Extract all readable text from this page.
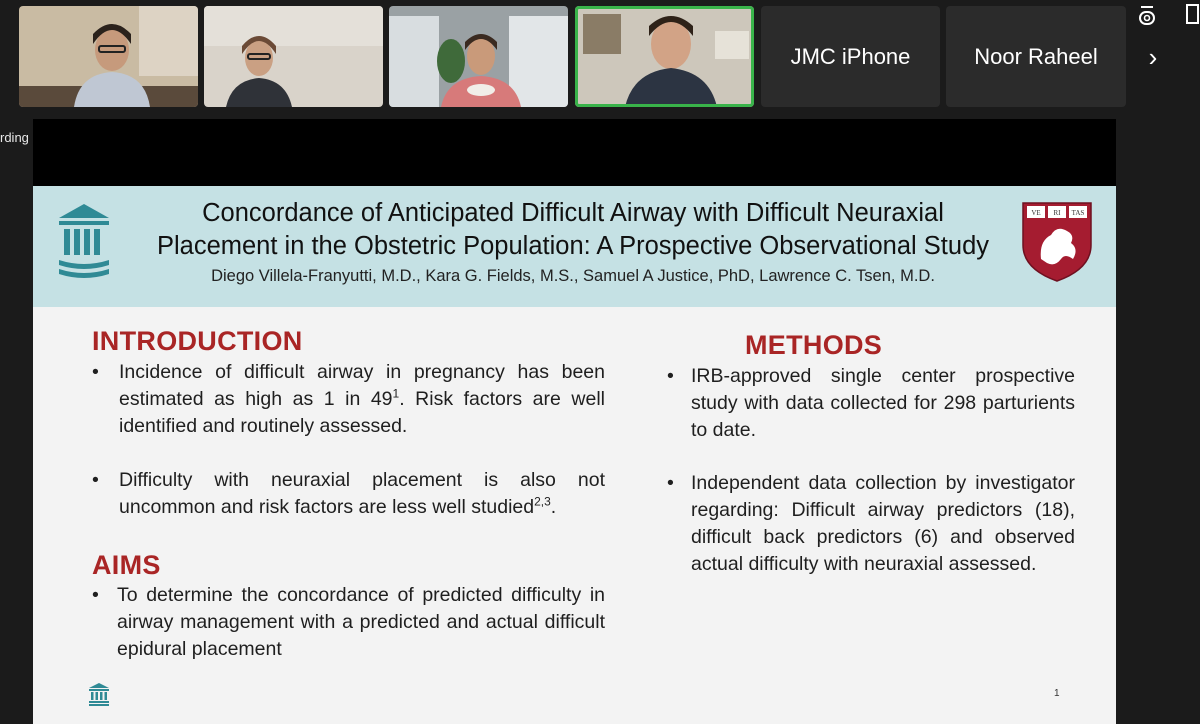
JMC iPhone	Noor Raheel ›
rding
Concordance of Anticipated Difficult Airway with Difficult Neuraxial
Placement in the Obstetric Population: A Prospective Observational Study
Diego Villela-Franyutti, M.D., Kara G. Fields, M.S., Samuel A Justice, PhD, Lawrence C. Tsen, M.D.
VE RI TAS
INTRODUCTION
• Incidence of difficult airway in pregnancy has been estimated as high as 1 in $49^1$. Risk factors are well identified and routinely assessed.
• Difficulty with neuraxial placement is also not uncommon and risk factors are less well studied$^{2,3}$.
AIMS
• To determine the concordance of predicted difficulty in airway management with a predicted and actual difficult epidural placement
METHODS
• IRB-approved single center prospective study with data collected for 298 parturients to date.
• Independent data collection by investigator regarding: Difficult airway predictors (18), difficult back predictors (6) and observed actual difficulty with neuraxial assessed.
1
